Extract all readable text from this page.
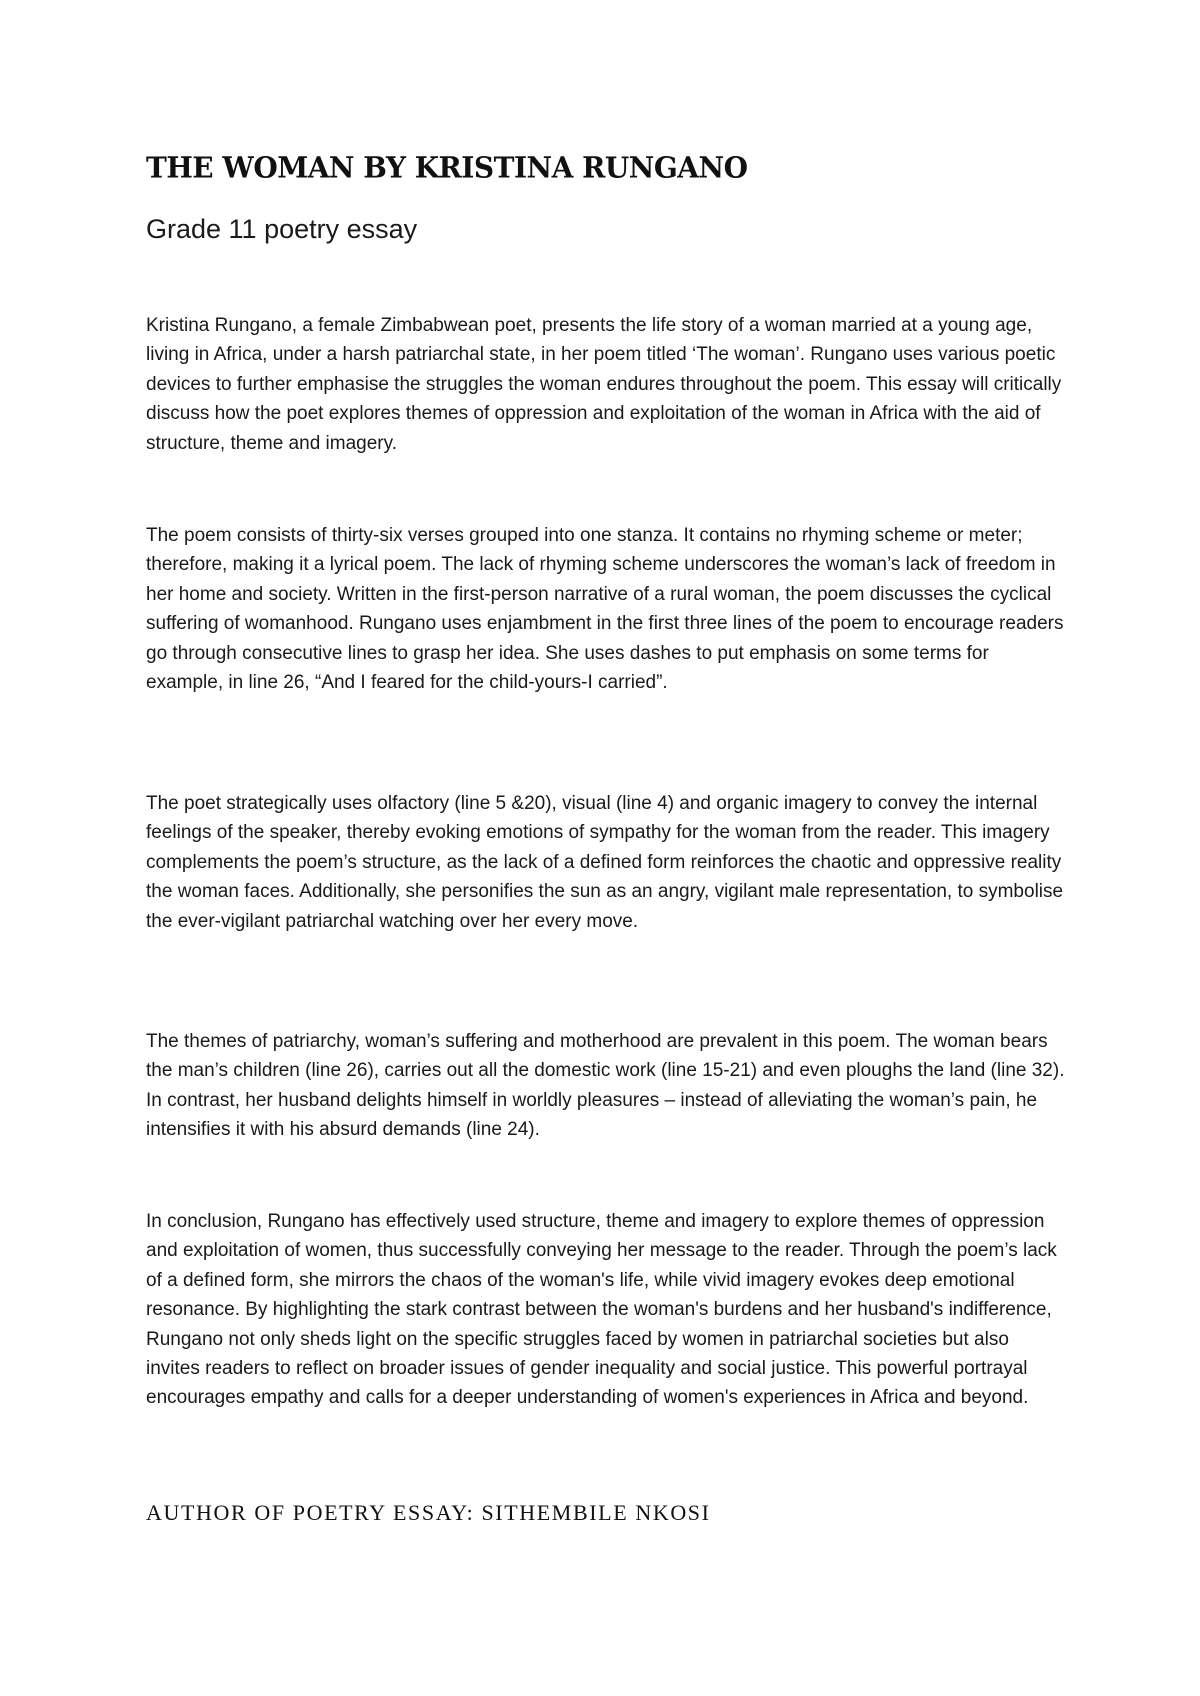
THE WOMAN BY KRISTINA RUNGANO
Grade 11 poetry essay

Kristina Rungano, a female Zimbabwean poet, presents the life story of a woman married at a young age, living in Africa, under a harsh patriarchal state, in her poem titled ‘The woman’. Rungano uses various poetic devices to further emphasise the struggles the woman endures throughout the poem. This essay will critically discuss how the poet explores themes of oppression and exploitation of the woman in Africa with the aid of structure, theme and imagery.

The poem consists of thirty-six verses grouped into one stanza. It contains no rhyming scheme or meter; therefore, making it a lyrical poem. The lack of rhyming scheme underscores the woman’s lack of freedom in her home and society. Written in the first-person narrative of a rural woman, the poem discusses the cyclical suffering of womanhood. Rungano uses enjambment in the first three lines of the poem to encourage readers go through consecutive lines to grasp her idea. She uses dashes to put emphasis on some terms for example, in line 26, “And I feared for the child-yours-I carried”.

The poet strategically uses olfactory (line 5 &20), visual (line 4) and organic imagery to convey the internal feelings of the speaker, thereby evoking emotions of sympathy for the woman from the reader. This imagery complements the poem’s structure, as the lack of a defined form reinforces the chaotic and oppressive reality the woman faces. Additionally, she personifies the sun as an angry, vigilant male representation, to symbolise the ever-vigilant patriarchal watching over her every move.

The themes of patriarchy, woman’s suffering and motherhood are prevalent in this poem. The woman bears the man’s children (line 26), carries out all the domestic work (line 15-21) and even ploughs the land (line 32). In contrast, her husband delights himself in worldly pleasures – instead of alleviating the woman’s pain, he intensifies it with his absurd demands (line 24).

In conclusion, Rungano has effectively used structure, theme and imagery to explore themes of oppression and exploitation of women, thus successfully conveying her message to the reader. Through the poem’s lack of a defined form, she mirrors the chaos of the woman's life, while vivid imagery evokes deep emotional resonance. By highlighting the stark contrast between the woman's burdens and her husband's indifference, Rungano not only sheds light on the specific struggles faced by women in patriarchal societies but also invites readers to reflect on broader issues of gender inequality and social justice. This powerful portrayal encourages empathy and calls for a deeper understanding of women's experiences in Africa and beyond.

AUTHOR OF POETRY ESSAY: SITHEMBILE NKOSI
